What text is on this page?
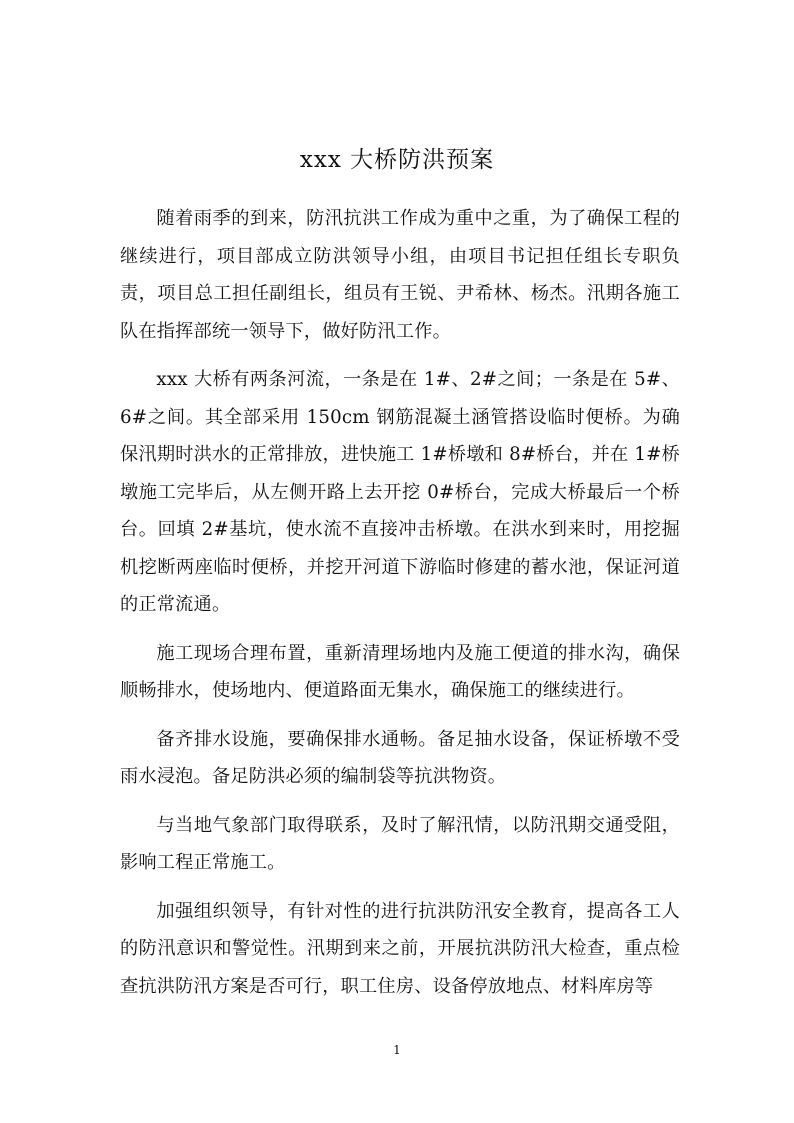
xxx 大桥防洪预案

随着雨季的到来，防汛抗洪工作成为重中之重，为了确保工程的继续进行，项目部成立防洪领导小组，由项目书记担任组长专职负责，项目总工担任副组长，组员有王锐、尹希林、杨杰。汛期各施工队在指挥部统一领导下，做好防汛工作。

xxx 大桥有两条河流，一条是在 1#、2#之间；一条是在 5#、6#之间。其全部采用 150cm 钢筋混凝土涵管搭设临时便桥。为确保汛期时洪水的正常排放，进快施工 1#桥墩和 8#桥台，并在 1#桥墩施工完毕后，从左侧开路上去开挖 0#桥台，完成大桥最后一个桥台。回填 2#基坑，使水流不直接冲击桥墩。在洪水到来时，用挖掘机挖断两座临时便桥，并挖开河道下游临时修建的蓄水池，保证河道的正常流通。

施工现场合理布置，重新清理场地内及施工便道的排水沟，确保顺畅排水，使场地内、便道路面无集水，确保施工的继续进行。

备齐排水设施，要确保排水通畅。备足抽水设备，保证桥墩不受雨水浸泡。备足防洪必须的编制袋等抗洪物资。

与当地气象部门取得联系，及时了解汛情，以防汛期交通受阻，影响工程正常施工。

加强组织领导，有针对性的进行抗洪防汛安全教育，提高各工人的防汛意识和警觉性。汛期到来之前，开展抗洪防汛大检查，重点检查抗洪防汛方案是否可行，职工住房、设备停放地点、材料库房等

1
